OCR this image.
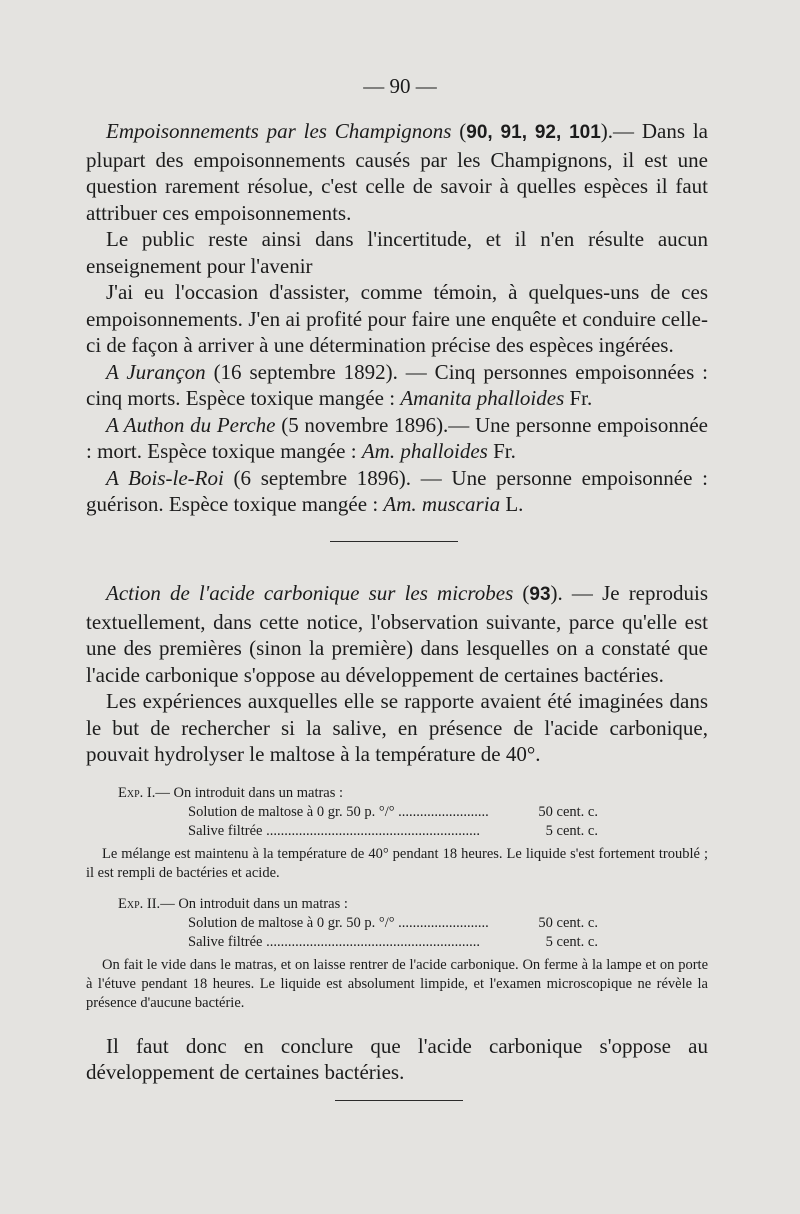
— 90 —

Empoisonnements par les Champignons (90, 91, 92, 101).— Dans la plupart des empoisonnements causés par les Champignons, il est une question rarement résolue, c'est celle de savoir à quelles espèces il faut attribuer ces empoisonnements.

Le public reste ainsi dans l'incertitude, et il n'en résulte aucun enseignement pour l'avenir

J'ai eu l'occasion d'assister, comme témoin, à quelques-uns de ces empoisonnements. J'en ai profité pour faire une enquête et conduire celle-ci de façon à arriver à une détermination précise des espèces ingérées.

A Jurançon (16 septembre 1892). — Cinq personnes empoisonnées : cinq morts. Espèce toxique mangée : Amanita phalloides Fr.

A Authon du Perche (5 novembre 1896).— Une personne empoisonnée : mort. Espèce toxique mangée : Am. phalloides Fr.

A Bois-le-Roi (6 septembre 1896). — Une personne empoisonnée : guérison. Espèce toxique mangée : Am. muscaria L.

Action de l'acide carbonique sur les microbes (93). — Je reproduis textuellement, dans cette notice, l'observation suivante, parce qu'elle est une des premières (sinon la première) dans lesquelles on a constaté que l'acide carbonique s'oppose au développement de certaines bactéries.

Les expériences auxquelles elle se rapporte avaient été imaginées dans le but de rechercher si la salive, en présence de l'acide carbonique, pouvait hydrolyser le maltose à la température de 40°.

Exp. I.— On introduit dans un matras :
Solution de maltose à 0 gr. 50 p. °/° .........................	50 cent. c.
Salive filtrée ...........................................................	5 cent. c.

Le mélange est maintenu à la température de 40° pendant 18 heures. Le liquide s'est fortement troublé ; il est rempli de bactéries et acide.

Exp. II.— On introduit dans un matras :
Solution de maltose à 0 gr. 50 p. °/° .........................	50 cent. c.
Salive filtrée ...........................................................	5 cent. c.

On fait le vide dans le matras, et on laisse rentrer de l'acide carbonique. On ferme à la lampe et on porte à l'étuve pendant 18 heures. Le liquide est absolument limpide, et l'examen microscopique ne révèle la présence d'aucune bactérie.

Il faut donc en conclure que l'acide carbonique s'oppose au développement de certaines bactéries.
